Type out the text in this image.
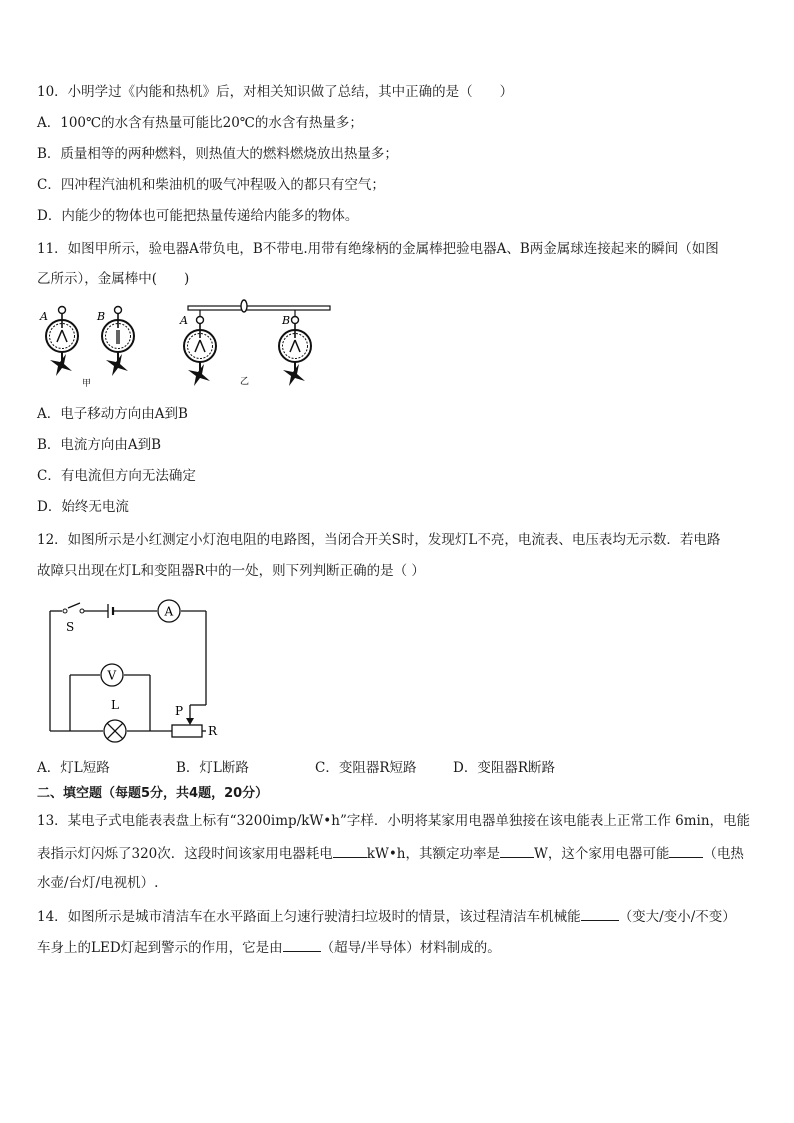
10．小明学过《内能和热机》后，对相关知识做了总结，其中正确的是（　　）
A．100℃的水含有热量可能比20℃的水含有热量多；
B．质量相等的两种燃料，则热值大的燃料燃烧放出热量多；
C．四冲程汽油机和柴油机的吸气冲程吸入的都只有空气；
D．内能少的物体也可能把热量传递给内能多的物体。
11．如图甲所示，验电器A带负电，B不带电.用带有绝缘柄的金属棒把验电器A、B两金属球连接起来的瞬间（如图
乙所示），金属棒中(　　)
A	B
甲
A	B
乙
A．电子移动方向由A到B
B．电流方向由A到B
C．有电流但方向无法确定
D．始终无电流
12．如图所示是小红测定小灯泡电阻的电路图，当闭合开关S时，发现灯L不亮，电流表、电压表均无示数．若电路
故障只出现在灯L和变阻器R中的一处，则下列判断正确的是（ ）
A
V
S
L	P
R
A．灯L短路	B．灯L断路	C．变阻器R短路	D．变阻器R断路
二、填空题（每题5分，共4题，20分）
13．某电子式电能表表盘上标有“3200imp/kW•h”字样．小明将某家用电器单独接在该电能表上正常工作 6min，电能
表指示灯闪烁了320次．这段时间该家用电器耗电	kW•h，其额定功率是	W，这个家用电器可能	（电热
水壶/台灯/电视机）.
14．如图所示是城市清洁车在水平路面上匀速行驶清扫垃圾时的情景，该过程清洁车机械能	（变大/变小/不变）
车身上的LED灯起到警示的作用，它是由	（超导/半导体）材料制成的。
